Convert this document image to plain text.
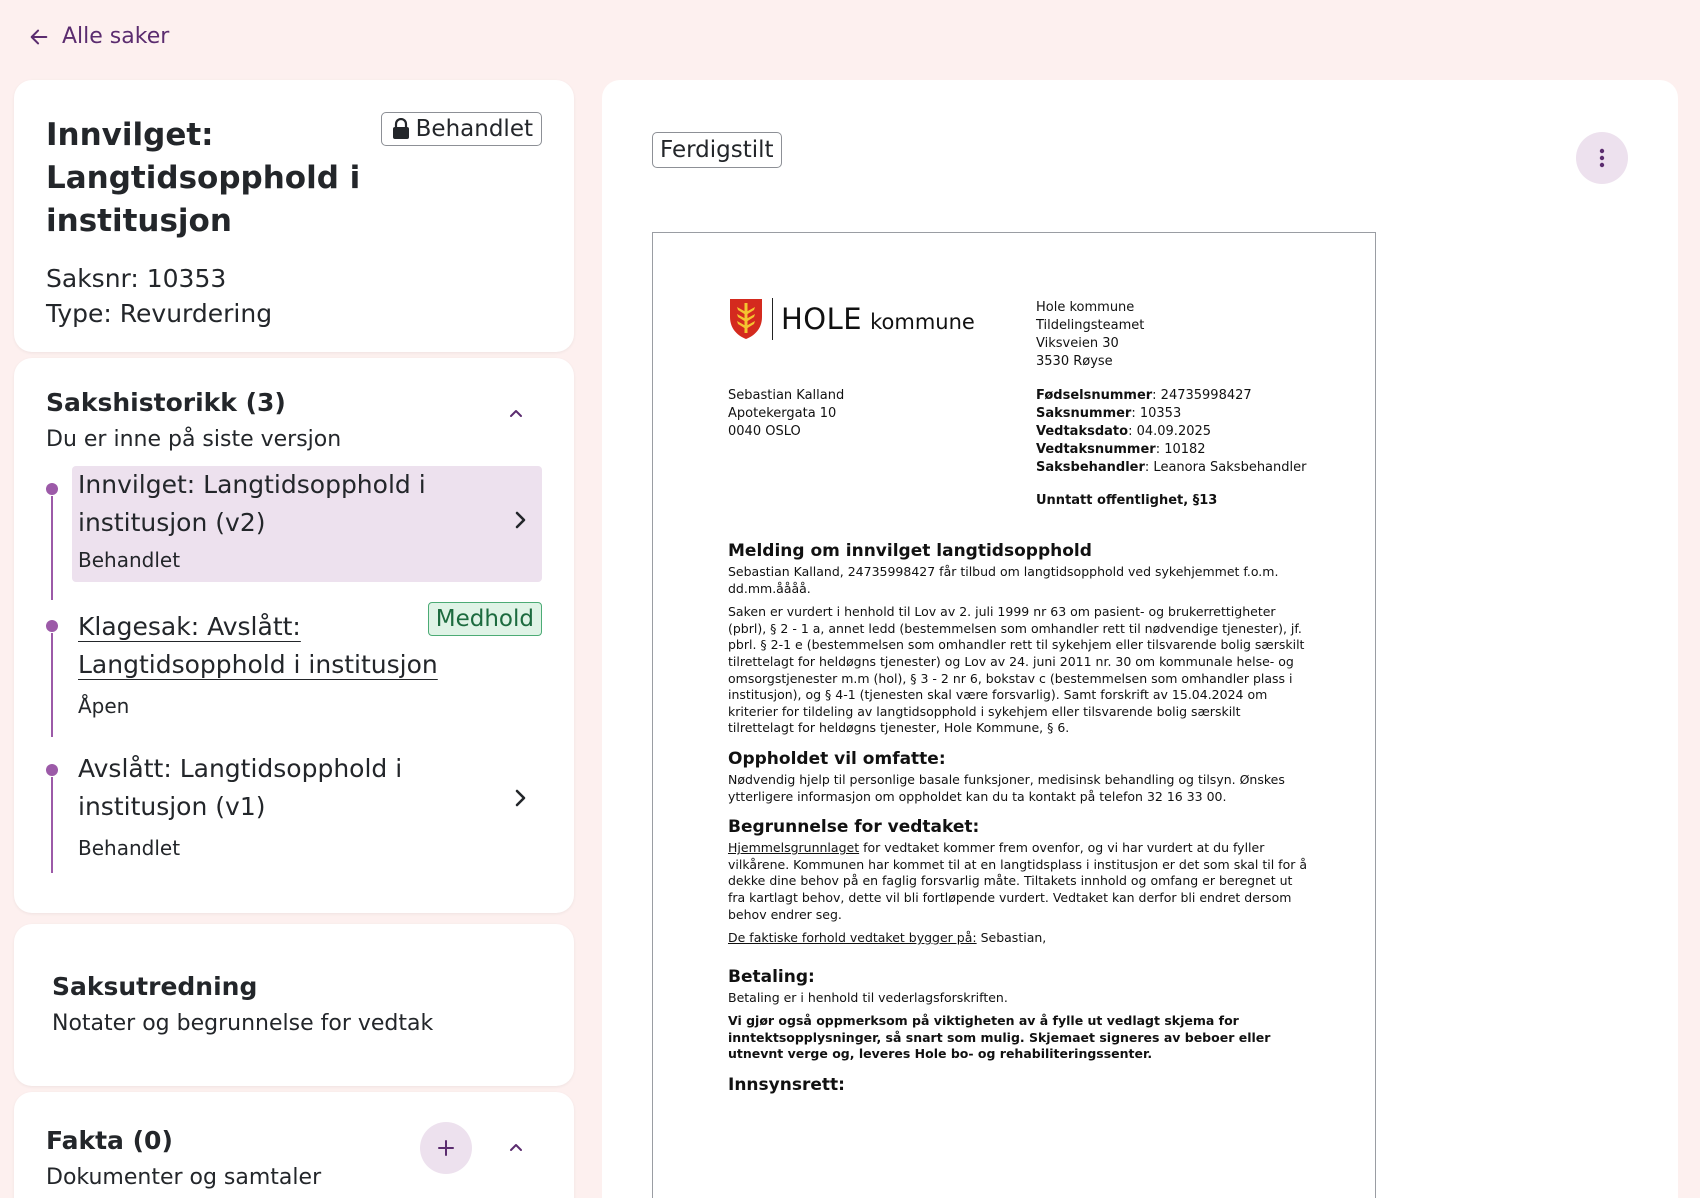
Alle saker
Innvilget: Langtidsopphold i institusjon
Behandlet
Saksnr: 10353
Type: Revurdering
Sakshistorikk (3)
Du er inne på siste versjon
Innvilget: Langtidsopphold i institusjon (v2)
Behandlet
Klagesak: Avslått: Langtidsopphold i institusjon
Åpen
Medhold
Avslått: Langtidsopphold i institusjon (v1)
Behandlet
Saksutredning
Notater og begrunnelse for vedtak
Fakta (0)
Dokumenter og samtaler
Ferdigstilt
HOLE kommune
Hole kommune
Tildelingsteamet
Viksveien 30
3530 Røyse
Sebastian Kalland
Apotekergata 10
0040 OSLO
Fødselsnummer: 24735998427
Saksnummer: 10353
Vedtaksdato: 04.09.2025
Vedtaksnummer: 10182
Saksbehandler: Leanora Saksbehandler
Unntatt offentlighet, §13
Melding om innvilget langtidsopphold

Sebastian Kalland, 24735998427 får tilbud om langtidsopphold ved sykehjemmet f.o.m. dd.mm.åååå.

Saken er vurdert i henhold til Lov av 2. juli 1999 nr 63 om pasient- og brukerrettigheter (pbrl), § 2 - 1 a, annet ledd (bestemmelsen som omhandler rett til nødvendige tjenester), jf. pbrl. § 2-1 e (bestemmelsen som omhandler rett til sykehjem eller tilsvarende bolig særskilt tilrettelagt for heldøgns tjenester) og Lov av 24. juni 2011 nr. 30 om kommunale helse- og omsorgstjenester m.m (hol), § 3 - 2 nr 6, bokstav c (bestemmelsen som omhandler plass i institusjon), og § 4-1 (tjenesten skal være forsvarlig). Samt forskrift av 15.04.2024 om kriterier for tildeling av langtidsopphold i sykehjem eller tilsvarende bolig særskilt tilrettelagt for heldøgns tjenester, Hole Kommune, § 6.

Oppholdet vil omfatte:

Nødvendig hjelp til personlige basale funksjoner, medisinsk behandling og tilsyn. Ønskes ytterligere informasjon om oppholdet kan du ta kontakt på telefon 32 16 33 00.

Begrunnelse for vedtaket:

Hjemmelsgrunnlaget for vedtaket kommer frem ovenfor, og vi har vurdert at du fyller vilkårene. Kommunen har kommet til at en langtidsplass i institusjon er det som skal til for å dekke dine behov på en faglig forsvarlig måte. Tiltakets innhold og omfang er beregnet ut fra kartlagt behov, dette vil bli fortløpende vurdert. Vedtaket kan derfor bli endret dersom behov endrer seg.

De faktiske forhold vedtaket bygger på: Sebastian,

Betaling:

Betaling er i henhold til vederlagsforskriften.

Vi gjør også oppmerksom på viktigheten av å fylle ut vedlagt skjema for inntektsopplysninger, så snart som mulig. Skjemaet signeres av beboer eller utnevnt verge og, leveres Hole bo- og rehabiliteringssenter.

Innsynsrett:
